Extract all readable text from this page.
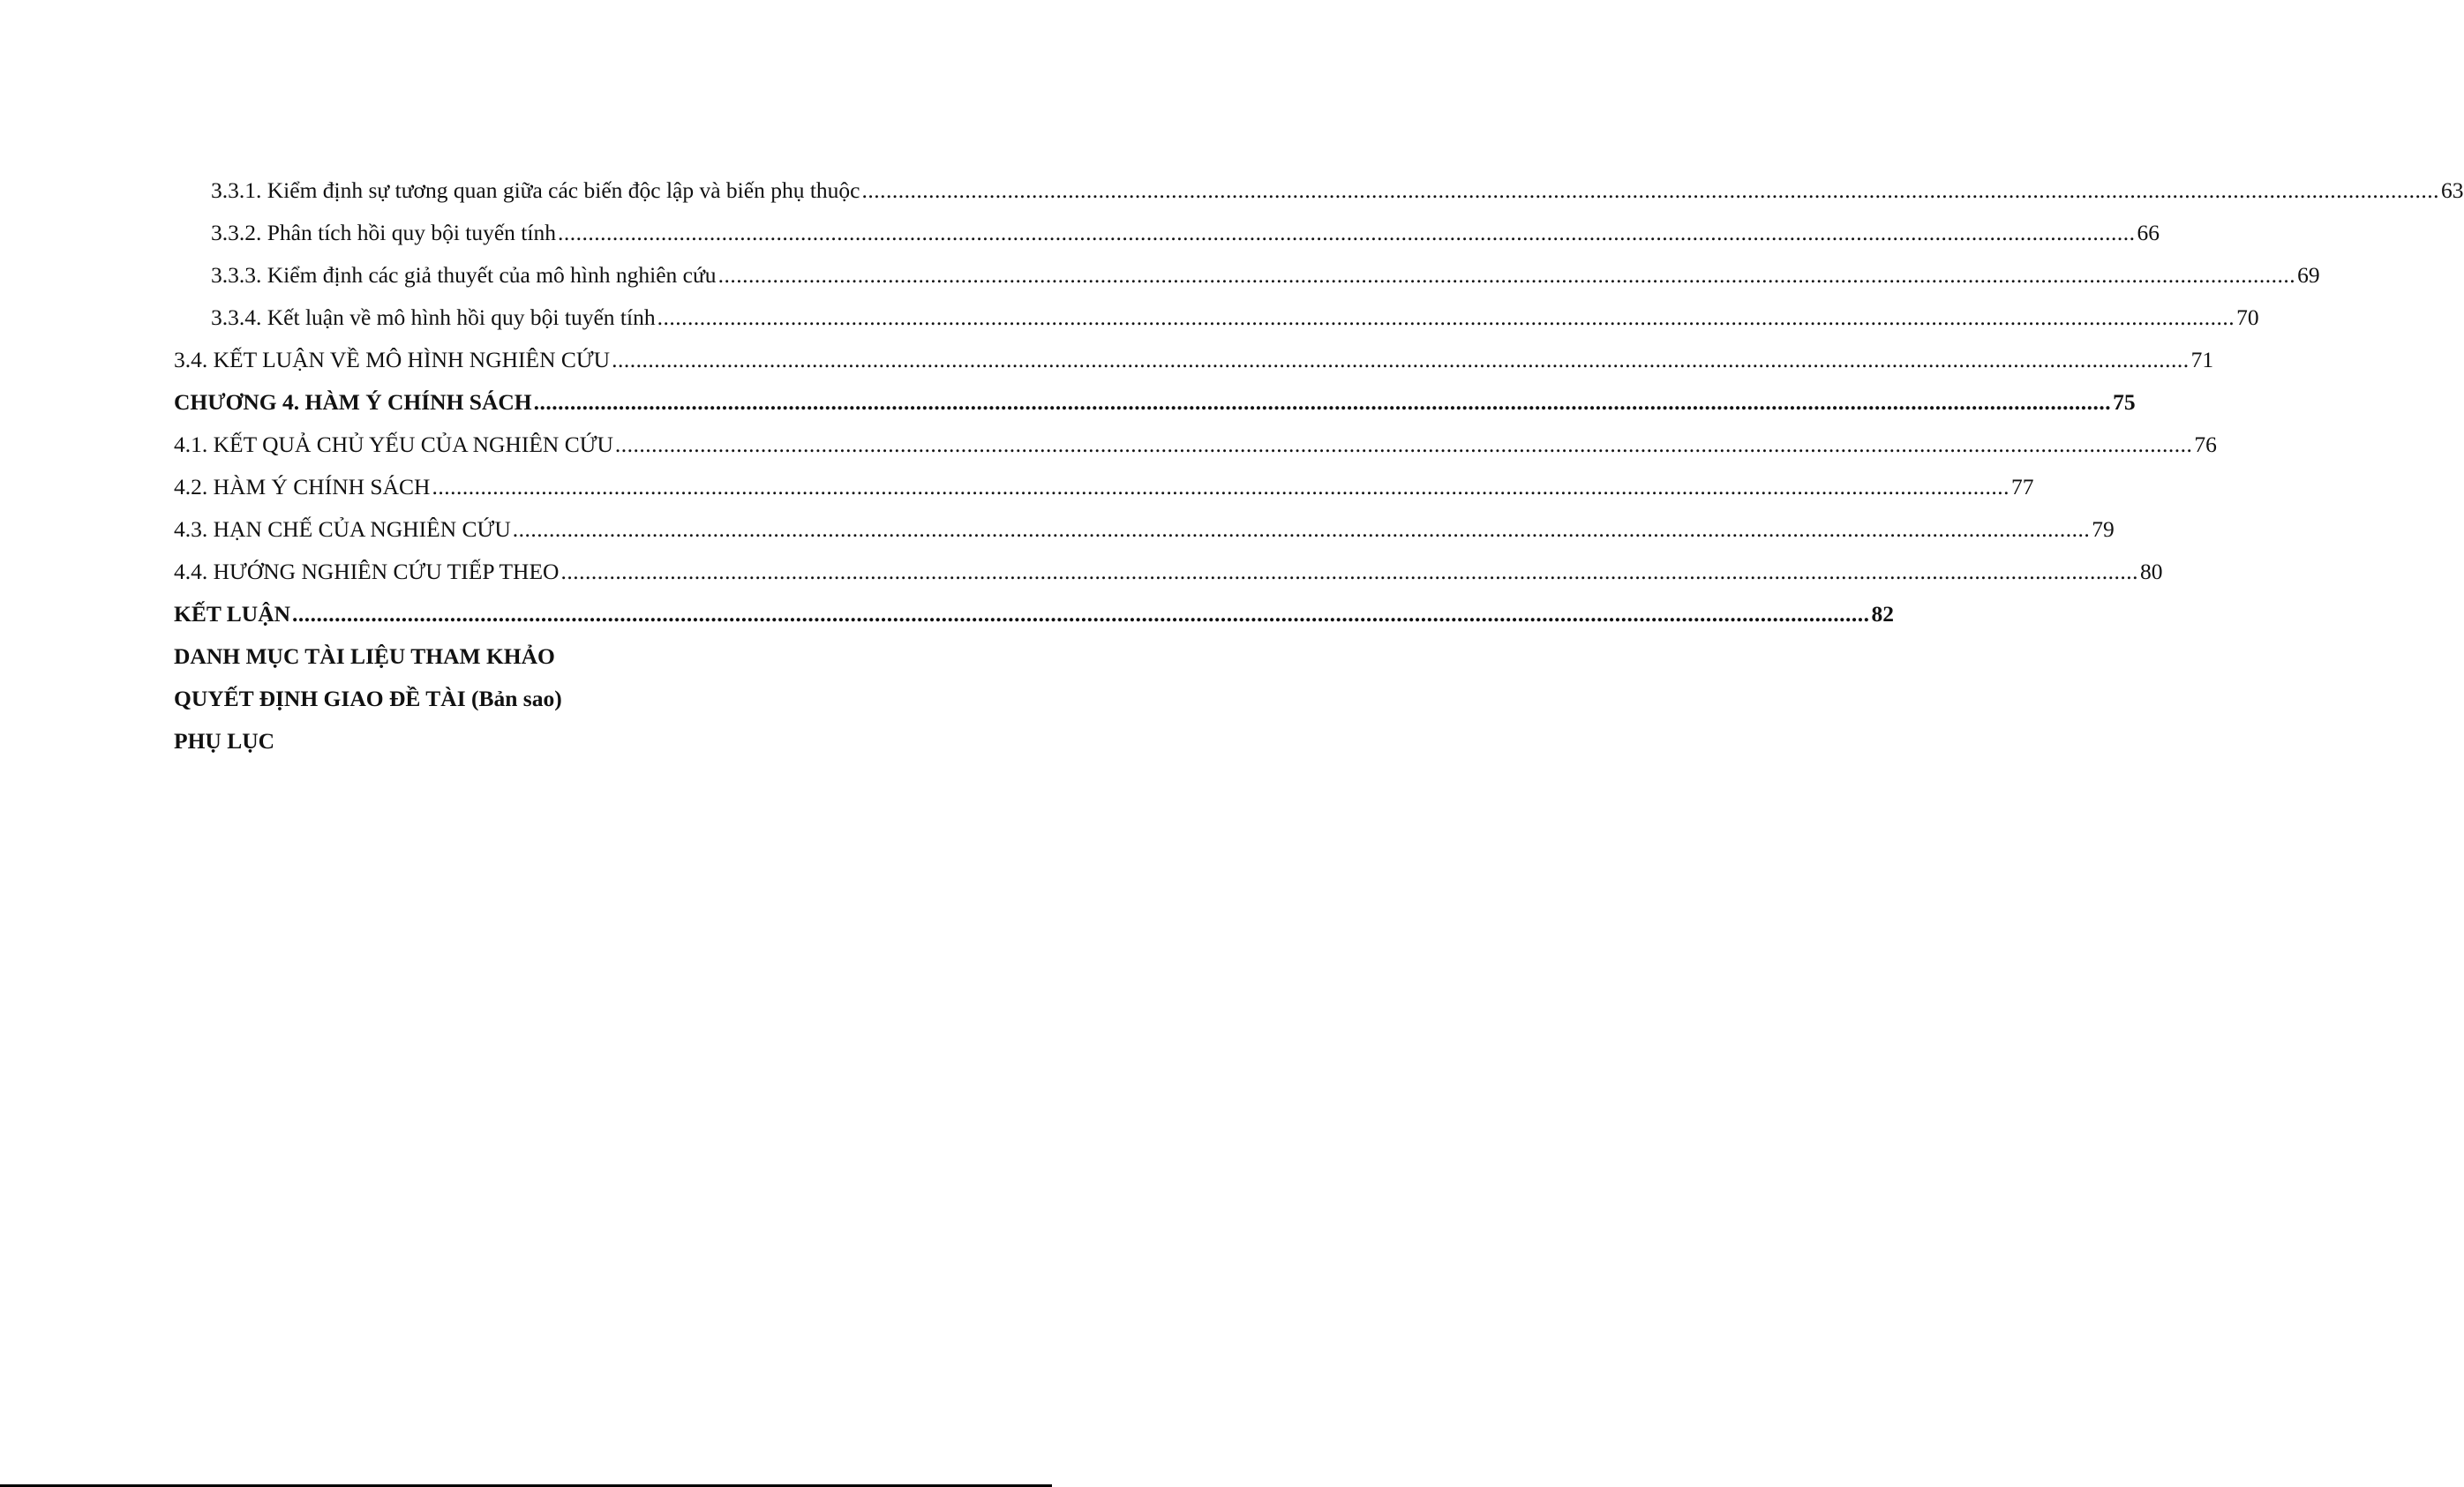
3.3.1. Kiểm định sự tương quan giữa các biến độc lập và biến phụ thuộc .................................................................................................................................................................................................................................................................... 63
3.3.2. Phân tích hồi quy bội tuyến tính .................................................................................................................................................................................................................................................................... 66
3.3.3. Kiểm định các giả thuyết của mô hình nghiên cứu .................................................................................................................................................................................................................................................................... 69
3.3.4. Kết luận về mô hình hồi quy bội tuyến tính .................................................................................................................................................................................................................................................................... 70
3.4. KẾT LUẬN VỀ MÔ HÌNH NGHIÊN CỨU .................................................................................................................................................................................................................................................................... 71
CHƯƠNG 4. HÀM Ý CHÍNH SÁCH .................................................................................................................................................................................................................................................................... 75
4.1. KẾT QUẢ CHỦ YẾU CỦA NGHIÊN CỨU .................................................................................................................................................................................................................................................................... 76
4.2. HÀM Ý CHÍNH SÁCH .................................................................................................................................................................................................................................................................... 77
4.3. HẠN CHẾ CỦA NGHIÊN CỨU .................................................................................................................................................................................................................................................................... 79
4.4. HƯỚNG NGHIÊN CỨU TIẾP THEO .................................................................................................................................................................................................................................................................... 80
KẾT LUẬN .................................................................................................................................................................................................................................................................... 82
DANH MỤC TÀI LIỆU THAM KHẢO
QUYẾT ĐỊNH GIAO ĐỀ TÀI (Bản sao)
PHỤ LỤC
